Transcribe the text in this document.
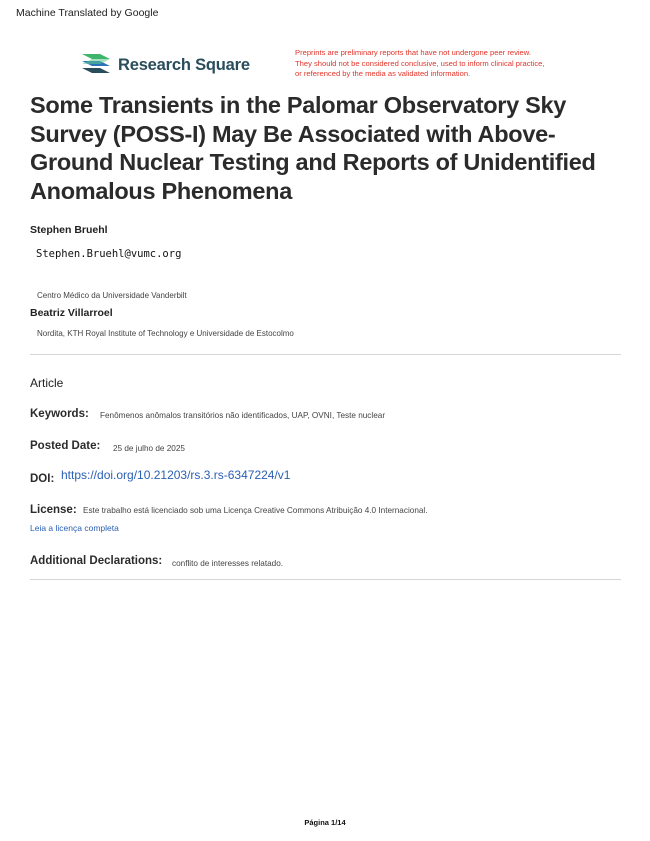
Machine Translated by Google
Research Square
Preprints are preliminary reports that have not undergone peer review.
They should not be considered conclusive, used to inform clinical practice,
or referenced by the media as validated information.
Some Transients in the Palomar Observatory Sky Survey (POSS-I) May Be Associated with Above-Ground Nuclear Testing and Reports of Unidentified Anomalous Phenomena
Stephen Bruehl
Stephen.Bruehl@vumc.org
Centro Médico da Universidade Vanderbilt
Beatriz Villarroel
Nordita, KTH Royal Institute of Technology e Universidade de Estocolmo
Article
Keywords: Fenômenos anômalos transitórios não identificados, UAP, OVNI, Teste nuclear
Posted Date: 25 de julho de 2025
DOI: https://doi.org/10.21203/rs.3.rs-6347224/v1
License: Este trabalho está licenciado sob uma Licença Creative Commons Atribuição 4.0 Internacional.
Leia a licença completa
Additional Declarations: conflito de interesses relatado.
Página 1/14
